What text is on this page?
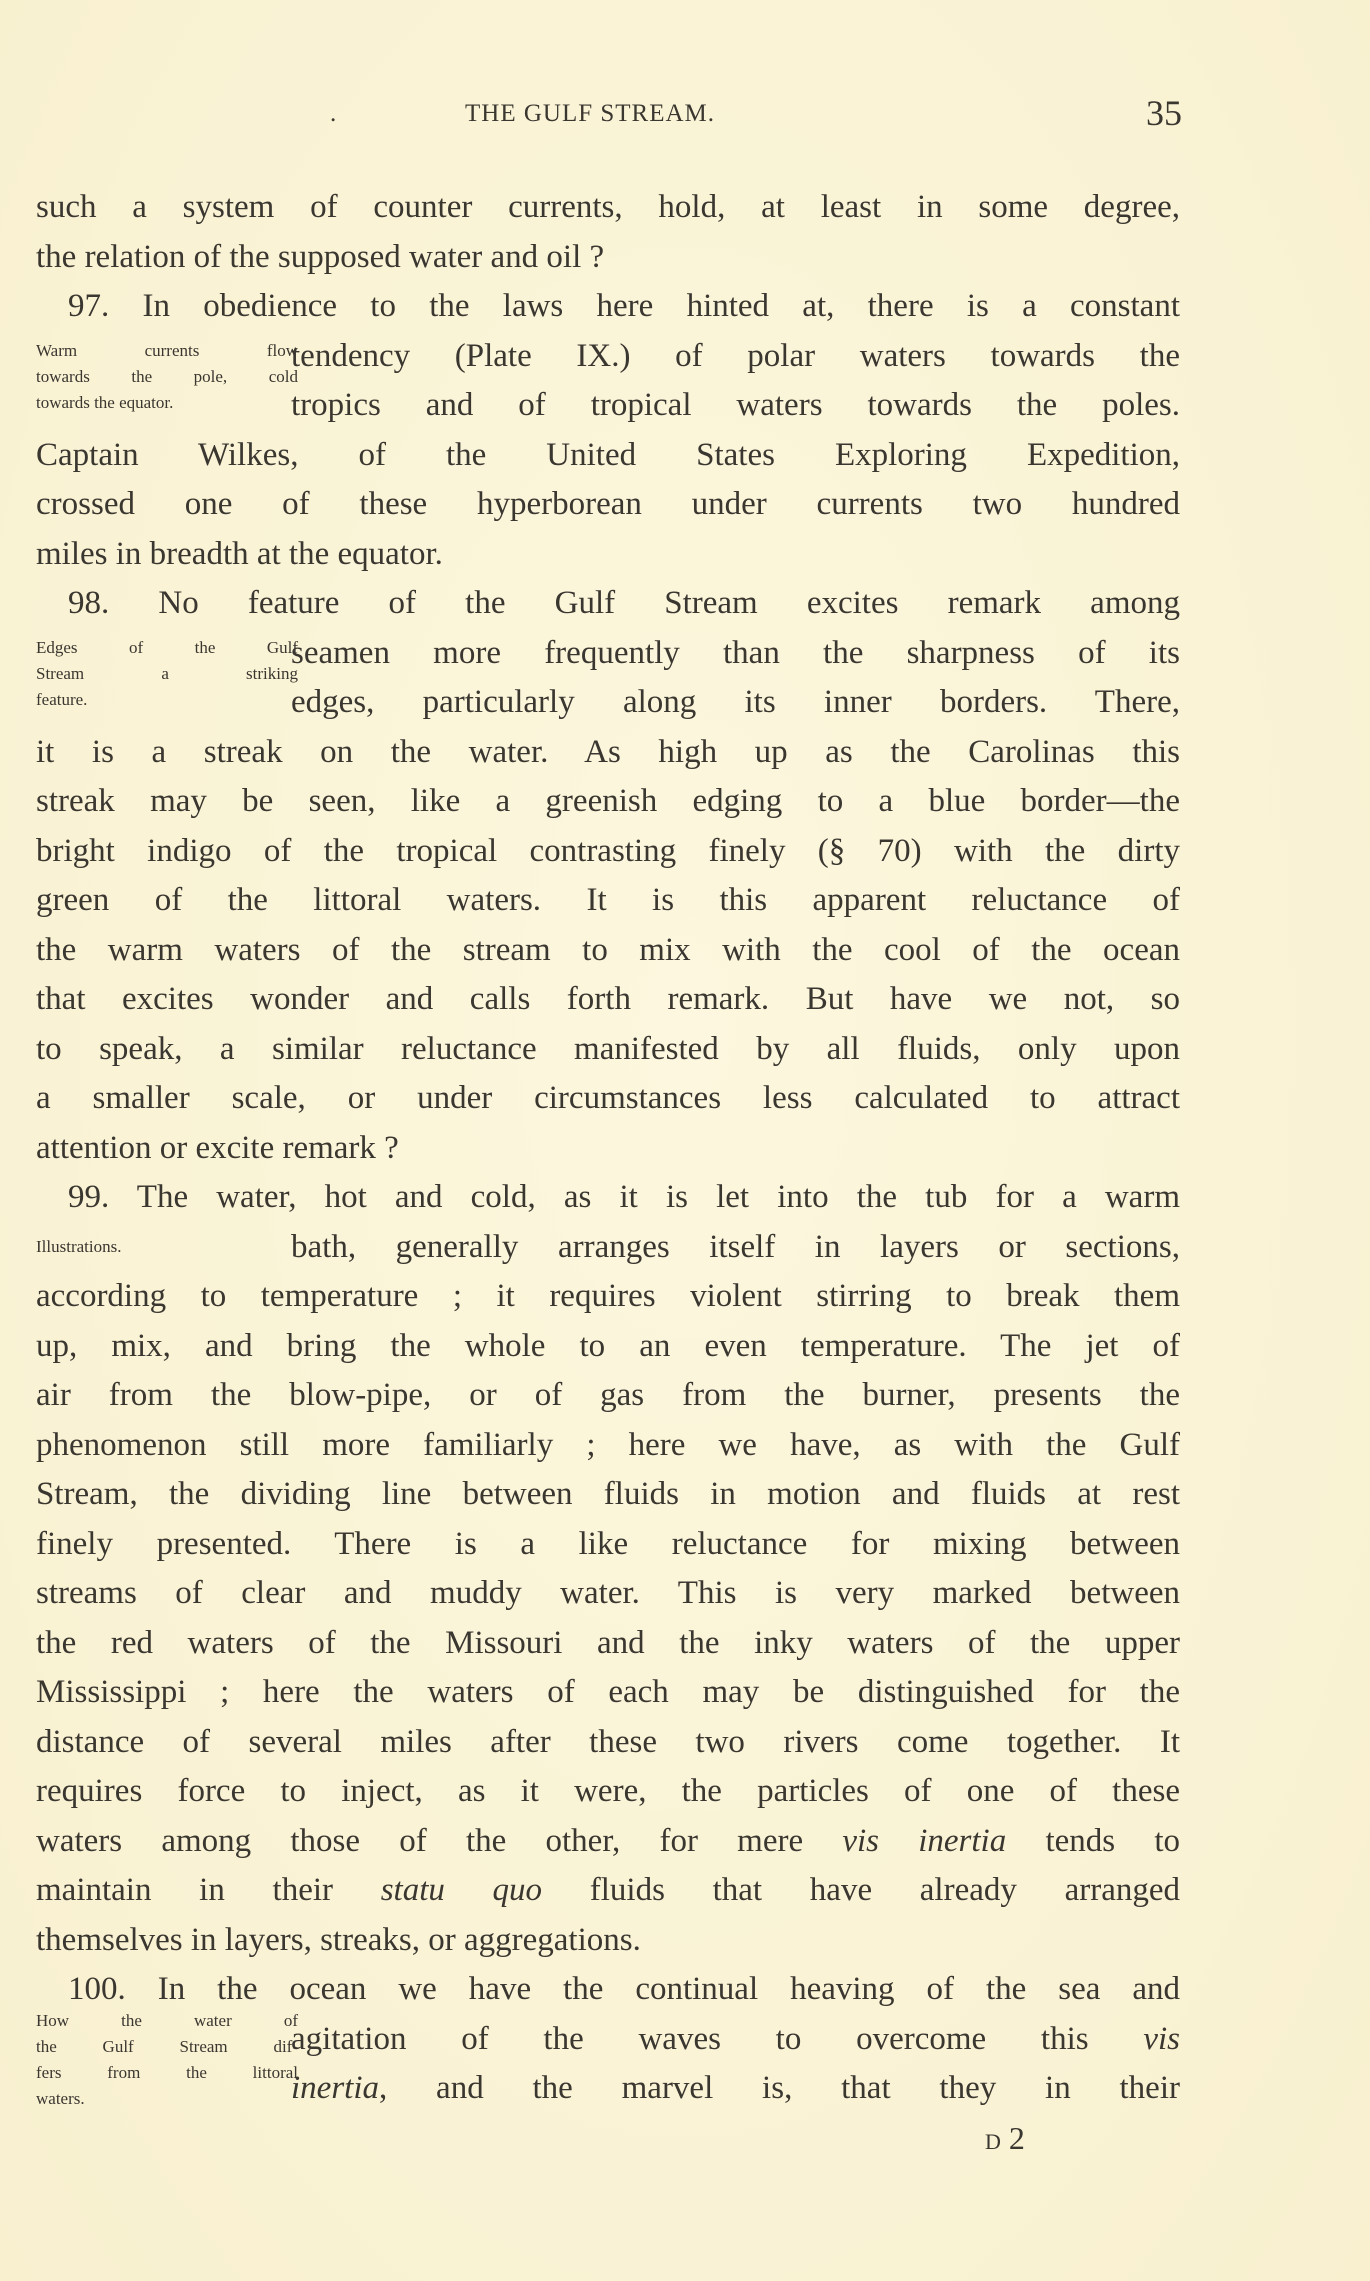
.	THE GULF STREAM.	35
such a system of counter currents, hold, at least in some degree,
the relation of the supposed water and oil ?
97. In obedience to the laws here hinted at, there is a constant
tendency (Plate IX.) of polar waters towards the
tropics and of tropical waters towards the poles.
Captain Wilkes, of the United States Exploring Expedition,
crossed one of these hyperborean under currents two hundred
miles in breadth at the equator.
98. No feature of the Gulf Stream excites remark among
seamen more frequently than the sharpness of its
edges, particularly along its inner borders. There,
it is a streak on the water. As high up as the Carolinas this
streak may be seen, like a greenish edging to a blue border—the
bright indigo of the tropical contrasting finely (§ 70) with the dirty
green of the littoral waters. It is this apparent reluctance of
the warm waters of the stream to mix with the cool of the ocean
that excites wonder and calls forth remark. But have we not, so
to speak, a similar reluctance manifested by all fluids, only upon
a smaller scale, or under circumstances less calculated to attract
attention or excite remark ?
99. The water, hot and cold, as it is let into the tub for a warm
bath, generally arranges itself in layers or sections,
according to temperature ; it requires violent stirring to break them
up, mix, and bring the whole to an even temperature. The jet of
air from the blow-pipe, or of gas from the burner, presents the
phenomenon still more familiarly ; here we have, as with the Gulf
Stream, the dividing line between fluids in motion and fluids at rest
finely presented. There is a like reluctance for mixing between
streams of clear and muddy water. This is very marked between
the red waters of the Missouri and the inky waters of the upper
Mississippi ; here the waters of each may be distinguished for the
distance of several miles after these two rivers come together. It
requires force to inject, as it were, the particles of one of these
waters among those of the other, for mere vis inertia tends to
maintain in their statu quo fluids that have already arranged
themselves in layers, streaks, or aggregations.
100. In the ocean we have the continual heaving of the sea and
agitation of the waves to overcome this vis
inertia, and the marvel is, that they in their
Warm currents flow
towards the pole, cold
towards the equator.
Edges of the Gulf
Stream a striking
feature.
Illustrations.
How the water of
the Gulf Stream dif-
fers from the littoral
waters.
D 2
